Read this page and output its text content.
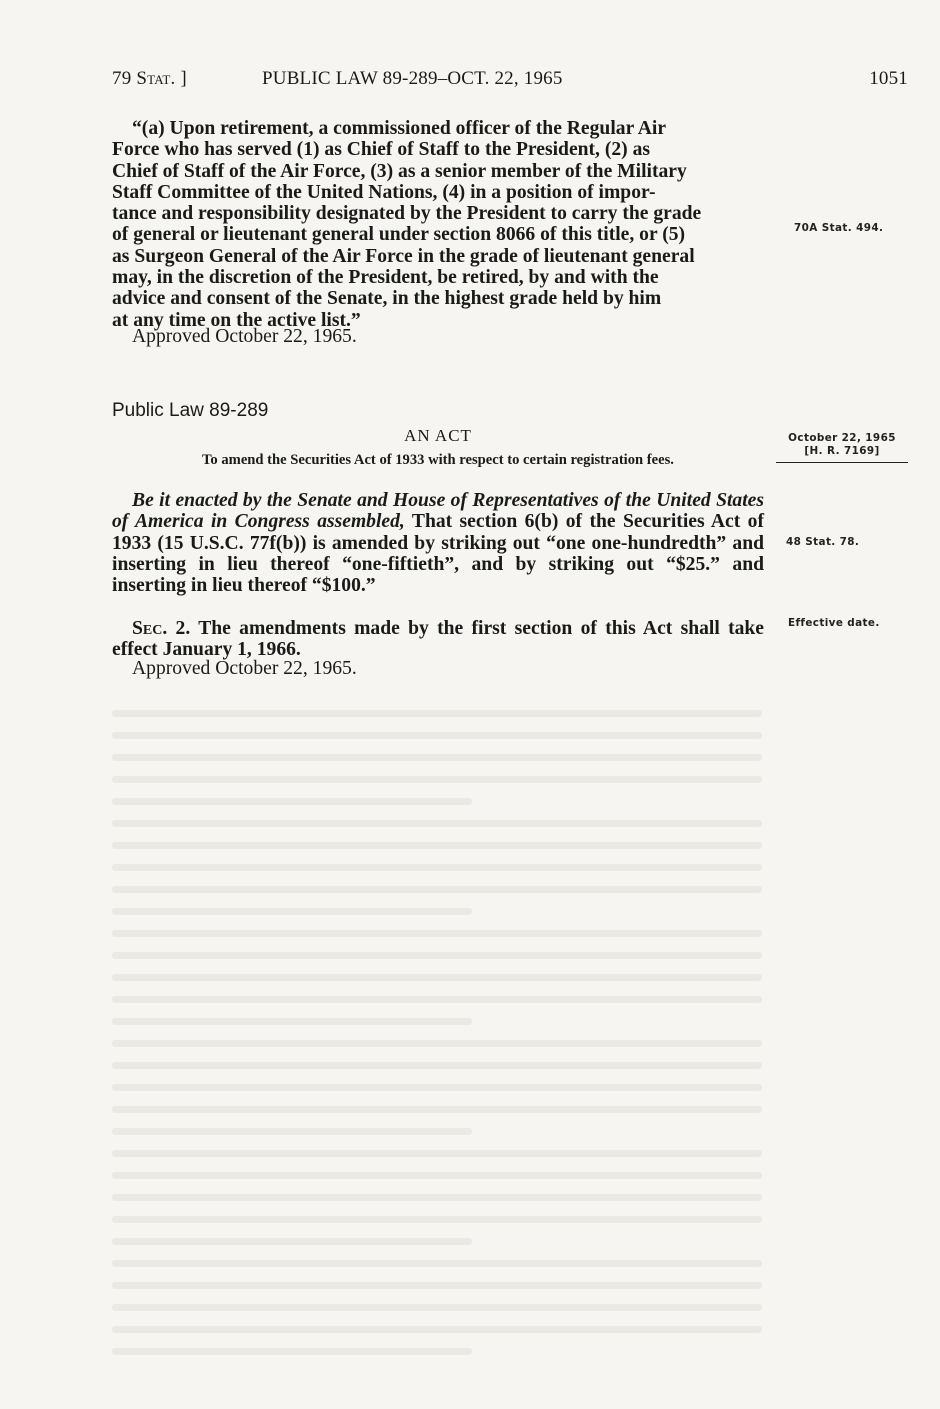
79 Stat. ]	PUBLIC LAW 89-289–OCT. 22, 1965	1051

“(a) Upon retirement, a commissioned officer of the Regular Air

Force who has served (1) as Chief of Staff to the President, (2) as

Chief of Staff of the Air Force, (3) as a senior member of the Military

Staff Committee of the United Nations, (4) in a position of impor-

tance and responsibility designated by the President to carry the grade

of general or lieutenant general under section 8066 of this title, or (5)

as Surgeon General of the Air Force in the grade of lieutenant general

may, in the discretion of the President, be retired, by and with the

advice and consent of the Senate, in the highest grade held by him

at any time on the active list.”

Approved October 22, 1965.
70A Stat. 494.
Public Law 89-289
AN ACT
To amend the Securities Act of 1933 with respect to certain registration fees.
October 22, 1965
[H. R. 7169]

Be it enacted by the Senate and House of Representatives of the United States of America in Congress assembled, That section 6(b) of the Securities Act of 1933 (15 U.S.C. 77f(b)) is amended by striking out “one one-hundredth” and inserting in lieu thereof “one-fiftieth”, and by striking out “$25.” and inserting in lieu thereof “$100.”

48 Stat. 78.

Sec. 2. The amendments made by the first section of this Act shall take effect January 1, 1966.

Approved October 22, 1965.
Effective date.
